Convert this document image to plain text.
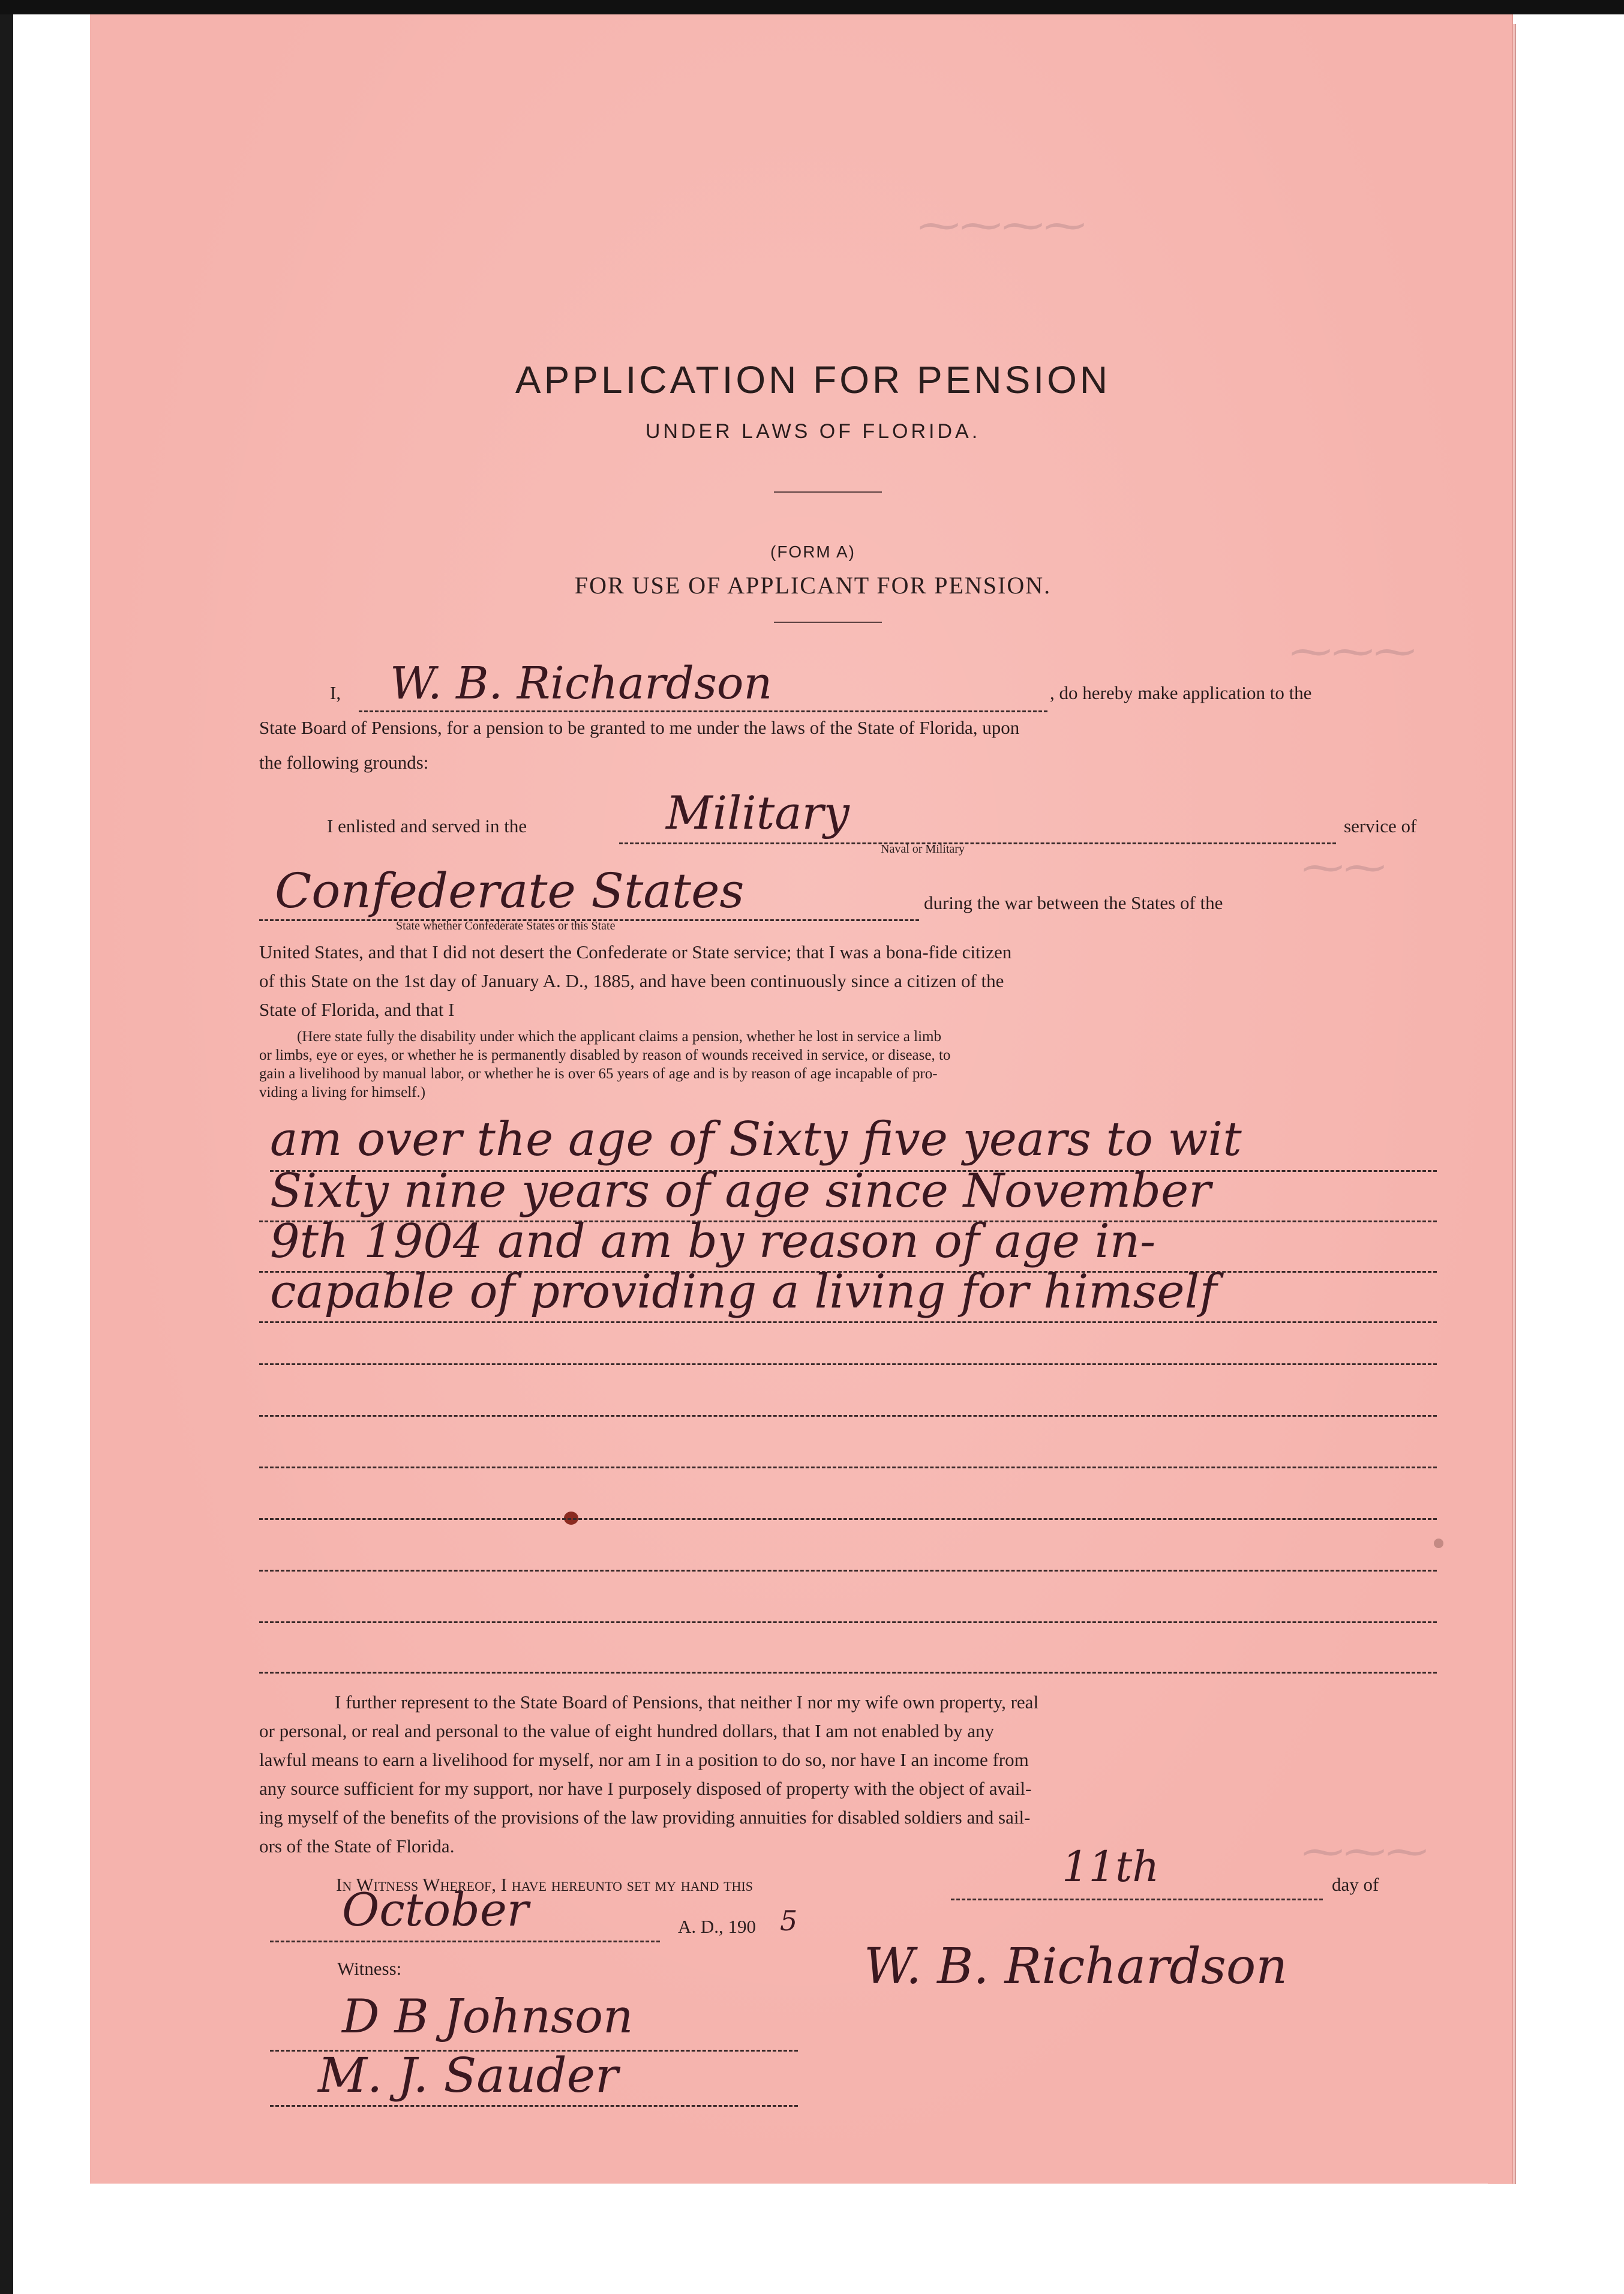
⁓⁓⁓⁓
⁓⁓⁓
⁓⁓
⁓⁓⁓
APPLICATION FOR PENSION
UNDER LAWS OF FLORIDA.
(FORM A)
FOR USE OF APPLICANT FOR PENSION.
I, W. B. Richardson	, do hereby make application to the
State Board of Pensions, for a pension to be granted to me under the laws of the State of Florida, upon
the following grounds:
I enlisted and served in the	Military
Naval or Military
service of
Confederate States
State whether Confederate States or this State
during the war between the States of the
United States, and that I did not desert the Confederate or State service; that I was a bona-fide citizen
of this State on the 1st day of January A. D., 1885, and have been continuously since a citizen of the
State of Florida, and that I
(Here state fully the disability under which the applicant claims a pension, whether he lost in service a limb
or limbs, eye or eyes, or whether he is permanently disabled by reason of wounds received in service, or disease, to
gain a livelihood by manual labor, or whether he is over 65 years of age and is by reason of age incapable of pro-
viding a living for himself.)
am over the age of Sixty five years to wit
Sixty nine years of age since November
9th 1904 and am by reason of age in-
capable of providing a living for himself
I further represent to the State Board of Pensions, that neither I nor my wife own property, real
or personal, or real and personal to the value of eight hundred dollars, that I am not enabled by any
lawful means to earn a livelihood for myself, nor am I in a position to do so, nor have I an income from
any source sufficient for my support, nor have I purposely disposed of property with the object of avail-
ing myself of the benefits of the provisions of the law providing annuities for disabled soldiers and sail-
ors of the State of Florida.
In Witness Whereof, I have hereunto set my hand this	11th	day of
October	A. D., 190 5
Witness:	W. B. Richardson
D B Johnson
M. J. Sauder
